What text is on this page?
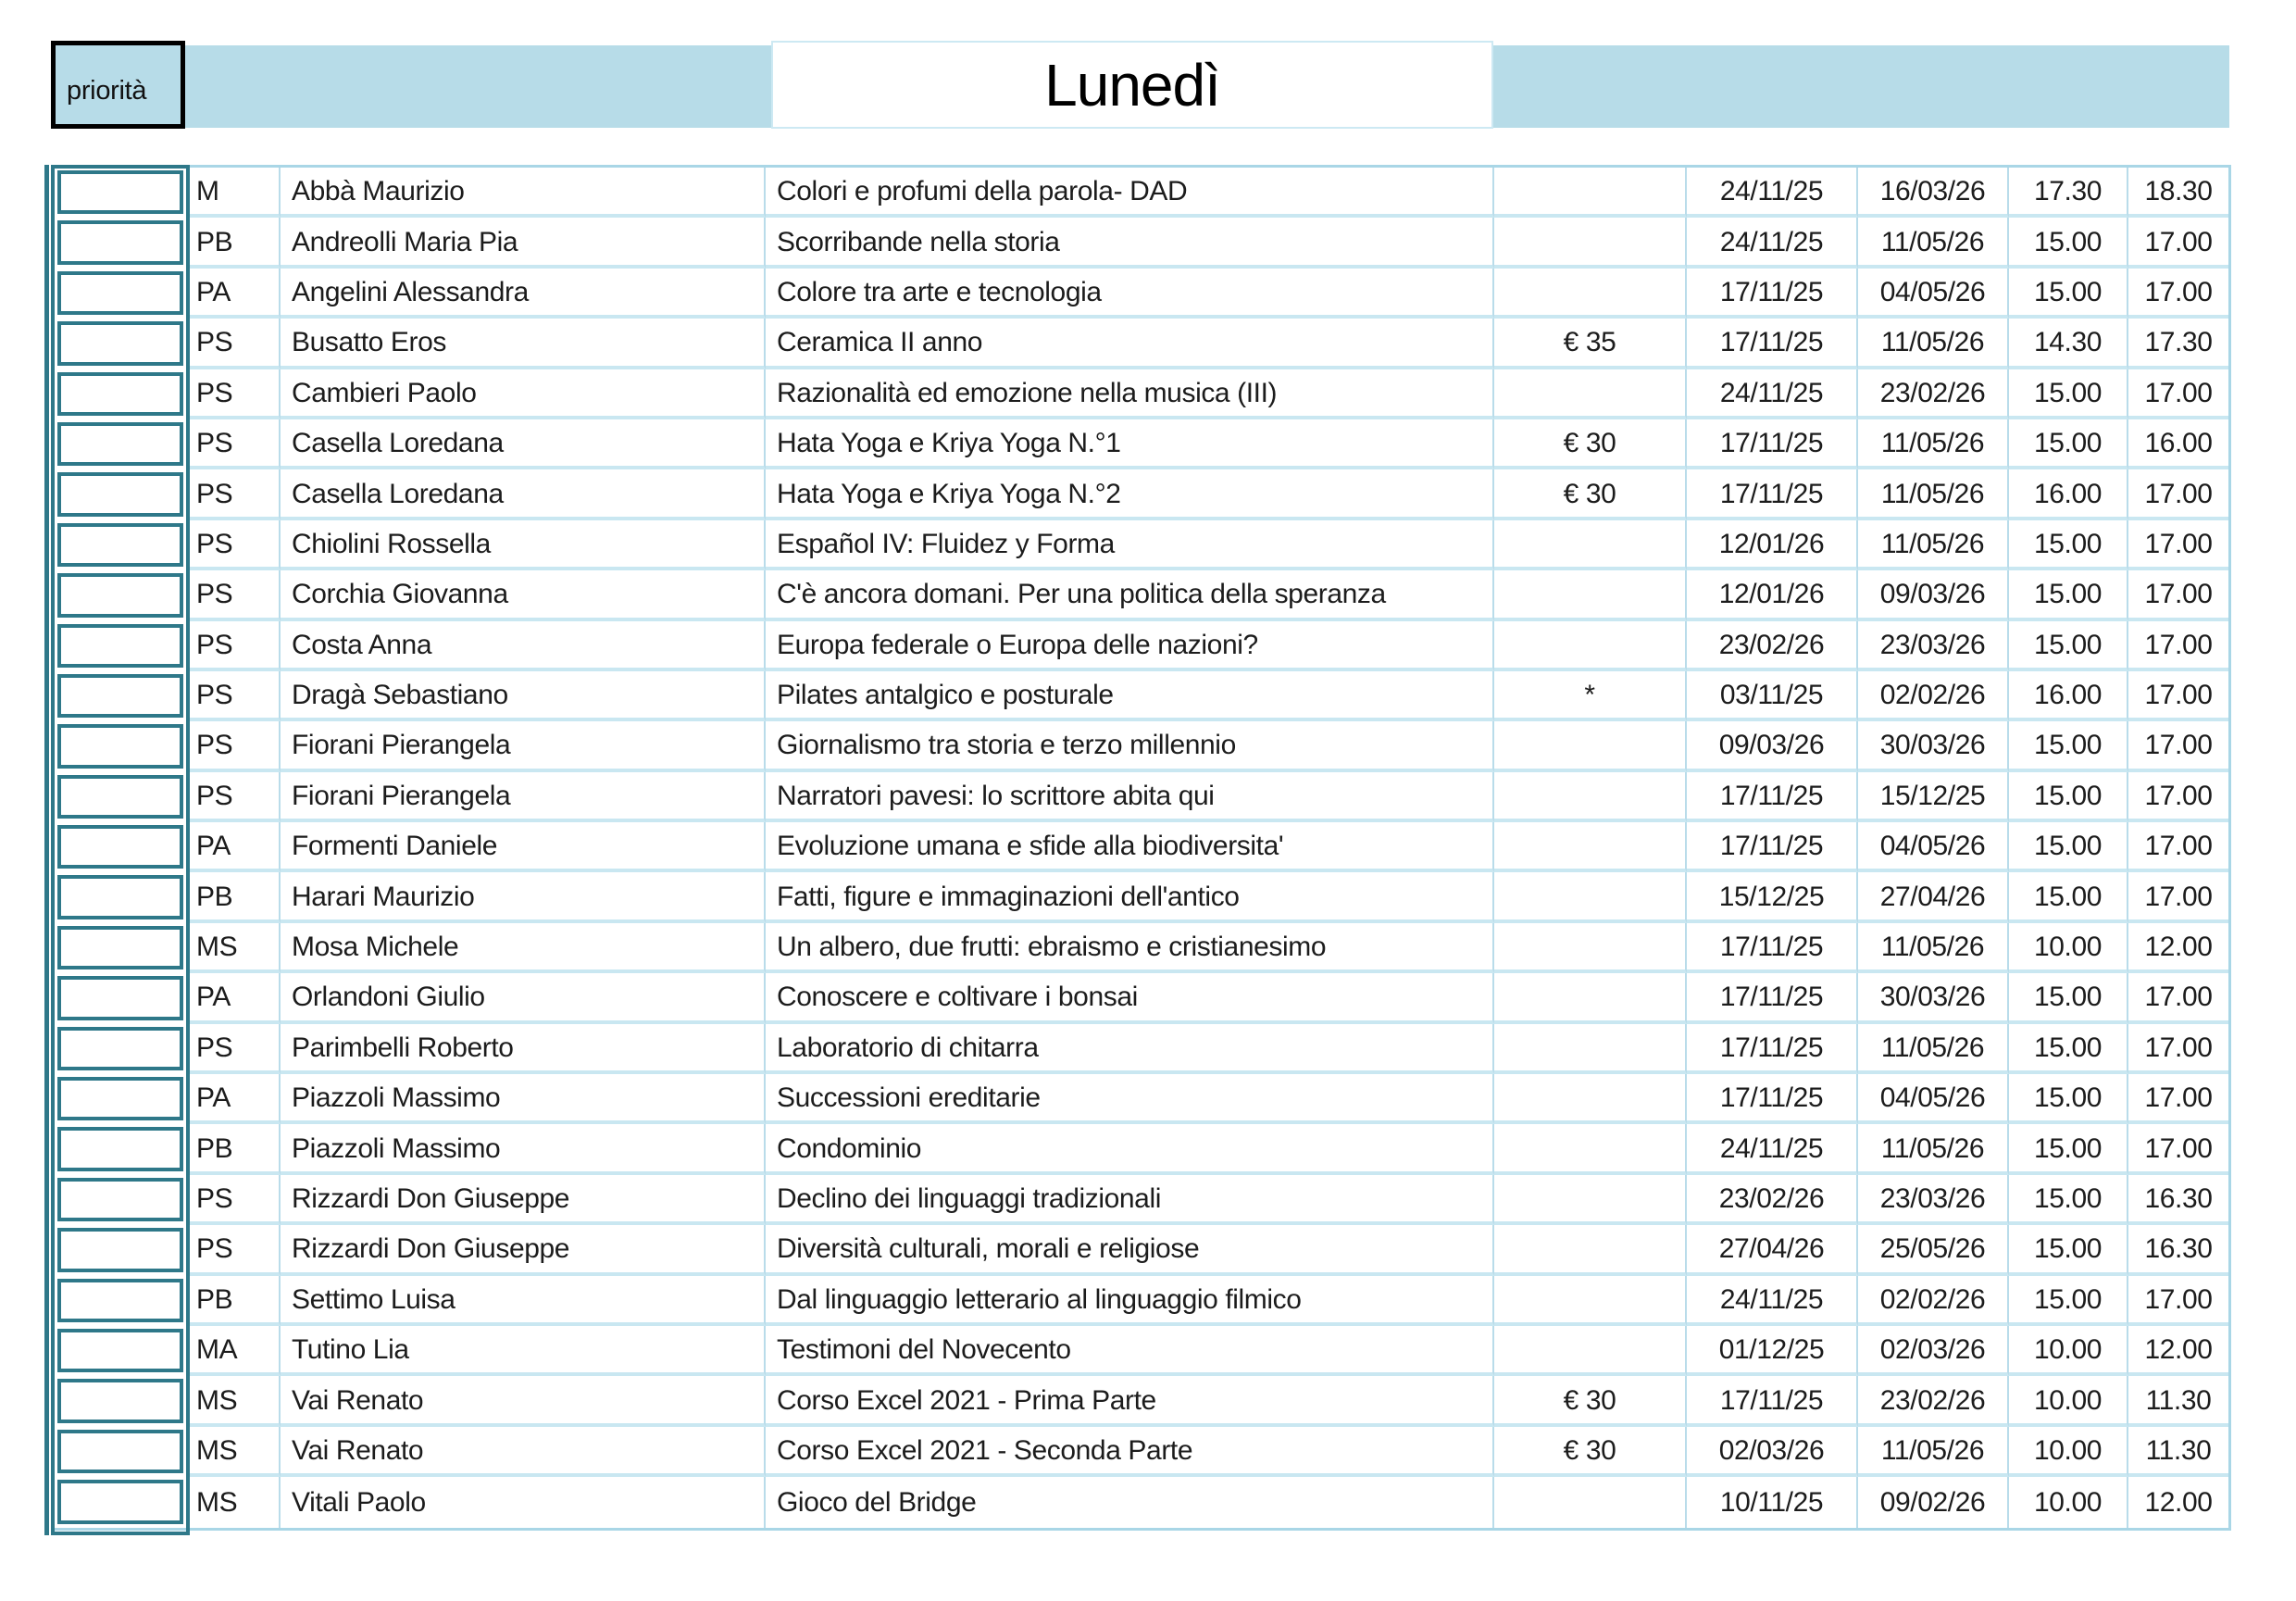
priorità	Lunedì
M	Abbà Maurizio	Colori e profumi della parola- DAD	24/11/25	16/03/26	17.30	18.30
PB	Andreolli Maria Pia	Scorribande nella storia	24/11/25	11/05/26	15.00	17.00
PA	Angelini Alessandra	Colore tra arte e tecnologia	17/11/25	04/05/26	15.00	17.00
PS	Busatto Eros	Ceramica II anno	€ 35	17/11/25	11/05/26	14.30	17.30
PS	Cambieri Paolo	Razionalità ed emozione nella musica (III)	24/11/25	23/02/26	15.00	17.00
PS	Casella Loredana	Hata Yoga e Kriya Yoga N.°1	€ 30	17/11/25	11/05/26	15.00	16.00
PS	Casella Loredana	Hata Yoga e Kriya Yoga N.°2	€ 30	17/11/25	11/05/26	16.00	17.00
PS	Chiolini Rossella	Español IV: Fluidez y Forma	12/01/26	11/05/26	15.00	17.00
PS	Corchia Giovanna	C'è ancora domani. Per una politica della speranza	12/01/26	09/03/26	15.00	17.00
PS	Costa Anna	Europa federale o Europa delle nazioni?	23/02/26	23/03/26	15.00	17.00
PS	Dragà Sebastiano	Pilates antalgico e posturale	*	03/11/25	02/02/26	16.00	17.00
PS	Fiorani Pierangela	Giornalismo tra storia e terzo millennio	09/03/26	30/03/26	15.00	17.00
PS	Fiorani Pierangela	Narratori pavesi: lo scrittore abita qui	17/11/25	15/12/25	15.00	17.00
PA	Formenti Daniele	Evoluzione umana e sfide alla biodiversita'	17/11/25	04/05/26	15.00	17.00
PB	Harari Maurizio	Fatti, figure e immaginazioni dell'antico	15/12/25	27/04/26	15.00	17.00
MS	Mosa Michele	Un albero, due frutti: ebraismo e cristianesimo	17/11/25	11/05/26	10.00	12.00
PA	Orlandoni Giulio	Conoscere e coltivare i bonsai	17/11/25	30/03/26	15.00	17.00
PS	Parimbelli Roberto	Laboratorio di chitarra	17/11/25	11/05/26	15.00	17.00
PA	Piazzoli Massimo	Successioni ereditarie	17/11/25	04/05/26	15.00	17.00
PB	Piazzoli Massimo	Condominio	24/11/25	11/05/26	15.00	17.00
PS	Rizzardi Don Giuseppe	Declino dei linguaggi tradizionali	23/02/26	23/03/26	15.00	16.30
PS	Rizzardi Don Giuseppe	Diversità culturali, morali e religiose	27/04/26	25/05/26	15.00	16.30
PB	Settimo Luisa	Dal linguaggio letterario al linguaggio filmico	24/11/25	02/02/26	15.00	17.00
MA	Tutino Lia	Testimoni del Novecento	01/12/25	02/03/26	10.00	12.00
MS	Vai Renato	Corso Excel 2021 - Prima Parte	€ 30	17/11/25	23/02/26	10.00	11.30
MS	Vai Renato	Corso Excel 2021 - Seconda Parte	€ 30	02/03/26	11/05/26	10.00	11.30
MS	Vitali Paolo	Gioco del Bridge	10/11/25	09/02/26	10.00	12.00
